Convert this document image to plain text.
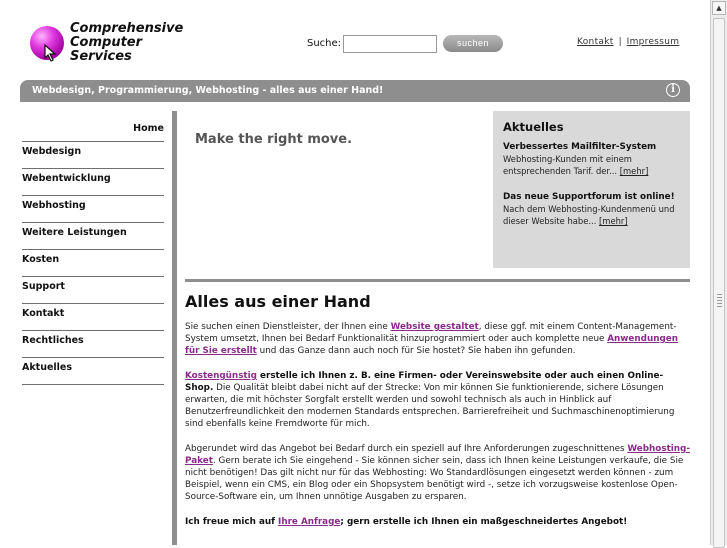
Comprehensive
Computer
Services
Suche:	suchen	Kontakt | Impressum
Webdesign, Programmierung, Webhosting - alles aus einer Hand!	i
Home
Webdesign
Webentwicklung
Webhosting
Weitere Leistungen
Kosten
Support
Kontakt
Rechtliches
Aktuelles
Make the right move.
Aktuelles
Verbessertes Mailfilter-System
Webhosting-Kunden mit einem entsprechenden Tarif. der... [mehr]
Das neue Supportforum ist online!
Nach dem Webhosting-Kundenmenü und dieser Website habe... [mehr]
Alles aus einer Hand

Sie suchen einen Dienstleister, der Ihnen eine Website gestaltet, diese ggf. mit einem Content-Management-System umsetzt, Ihnen bei Bedarf Funktionalität hinzuprogrammiert oder auch komplette neue Anwendungen für Sie erstellt und das Ganze dann auch noch für Sie hostet? Sie haben ihn gefunden.

Kostengünstig erstelle ich Ihnen z. B. eine Firmen- oder Vereinswebsite oder auch einen Online-Shop. Die Qualität bleibt dabei nicht auf der Strecke: Von mir können Sie funktionierende, sichere Lösungen erwarten, die mit höchster Sorgfalt erstellt werden und sowohl technisch als auch in Hinblick auf Benutzerfreundlichkeit den modernen Standards entsprechen. Barrierefreiheit und Suchmaschinenoptimierung sind ebenfalls keine Fremdworte für mich.

Abgerundet wird das Angebot bei Bedarf durch ein speziell auf Ihre Anforderungen zugeschnittenes Webhosting-Paket. Gern berate ich Sie eingehend - Sie können sicher sein, dass ich Ihnen keine Leistungen verkaufe, die Sie nicht benötigen! Das gilt nicht nur für das Webhosting: Wo Standardlösungen eingesetzt werden können - zum Beispiel, wenn ein CMS, ein Blog oder ein Shopsystem benötigt wird -, setze ich vorzugsweise kostenlose Open-Source-Software ein, um Ihnen unnötige Ausgaben zu ersparen.

Ich freue mich auf Ihre Anfrage; gern erstelle ich Ihnen ein maßgeschneidertes Angebot!

▲
